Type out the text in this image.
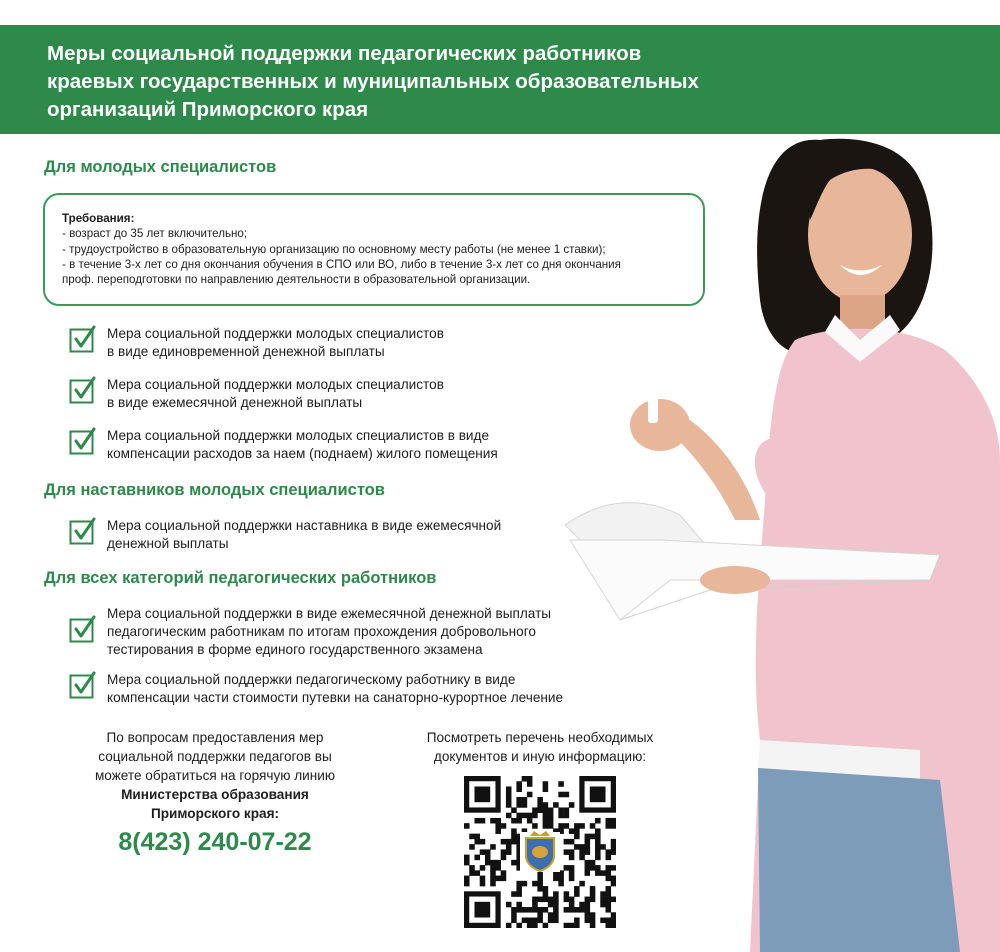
Меры социальной поддержки педагогических работников
краевых государственных и муниципальных образовательных
организаций Приморского края
Для молодых специалистов
Требования:
- возраст до 35 лет включительно;
- трудоустройство в образовательную организацию по основному месту работы (не менее 1 ставки);
- в течение 3-х лет со дня окончания обучения в СПО или ВО, либо в течение 3-х лет со дня окончания
проф. переподготовки по направлению деятельности в образовательной организации.
Мера социальной поддержки молодых специалистов
в виде единовременной денежной выплаты
Мера социальной поддержки молодых специалистов
в виде ежемесячной денежной выплаты
Мера социальной поддержки молодых специалистов в виде
компенсации расходов за наем (поднаем) жилого помещения
Для наставников молодых специалистов
Мера социальной поддержки наставника в виде ежемесячной
денежной выплаты
Для всех категорий педагогических работников
Мера социальной поддержки в виде ежемесячной денежной выплаты
педагогическим работникам по итогам прохождения добровольного
тестирования в форме единого государственного экзамена
Мера социальной поддержки педагогическому работнику в виде
компенсации части стоимости путевки на санаторно-курортное лечение
По вопросам предоставления мер
социальной поддержки педагогов вы
можете обратиться на горячую линию
Министерства образования
Приморского края:
8(423) 240-07-22
Посмотреть перечень необходимых
документов и иную информацию:
